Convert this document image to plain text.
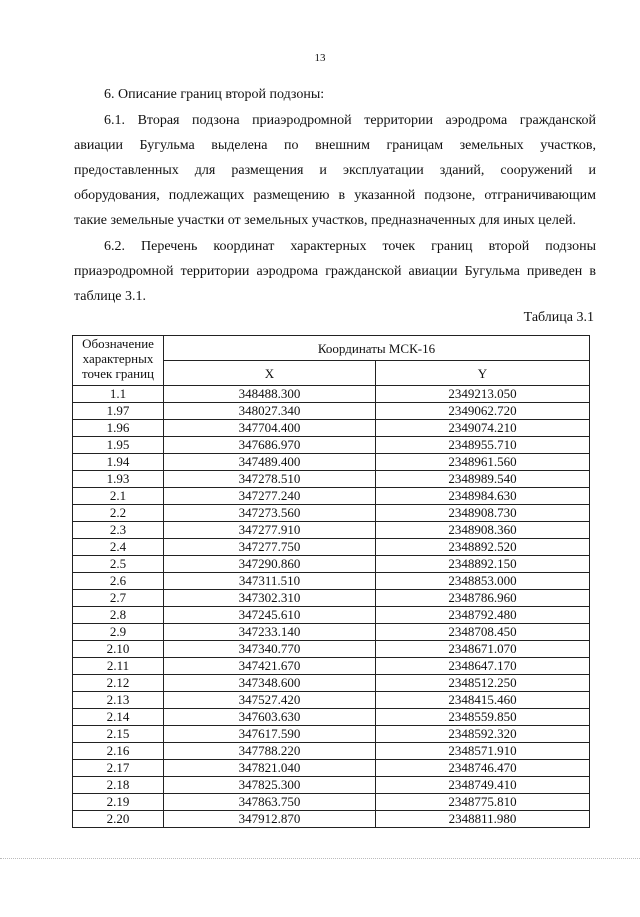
13
6. Описание границ второй подзоны:
6.1. Вторая подзона приаэродромной территории аэродрома гражданской
авиации Бугульма выделена по внешним границам земельных участков,
предоставленных для размещения и эксплуатации зданий, сооружений и
оборудования, подлежащих размещению в указанной подзоне, отграничивающим
такие земельные участки от земельных участков, предназначенных для иных целей.
6.2. Перечень координат характерных точек границ второй подзоны
приаэродромной территории аэродрома гражданской авиации Бугульма приведен в
таблице 3.1.
Таблица 3.1
Обозначение характерных точек границ	Координаты МСК-16	
	X	Y
1.1	348488.300	2349213.050
1.97	348027.340	2349062.720
1.96	347704.400	2349074.210
1.95	347686.970	2348955.710
1.94	347489.400	2348961.560
1.93	347278.510	2348989.540
2.1	347277.240	2348984.630
2.2	347273.560	2348908.730
2.3	347277.910	2348908.360
2.4	347277.750	2348892.520
2.5	347290.860	2348892.150
2.6	347311.510	2348853.000
2.7	347302.310	2348786.960
2.8	347245.610	2348792.480
2.9	347233.140	2348708.450
2.10	347340.770	2348671.070
2.11	347421.670	2348647.170
2.12	347348.600	2348512.250
2.13	347527.420	2348415.460
2.14	347603.630	2348559.850
2.15	347617.590	2348592.320
2.16	347788.220	2348571.910
2.17	347821.040	2348746.470
2.18	347825.300	2348749.410
2.19	347863.750	2348775.810
2.20	347912.870	2348811.980
